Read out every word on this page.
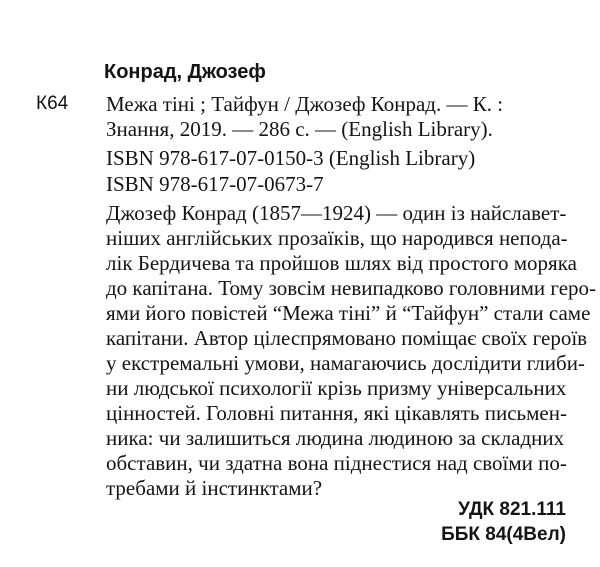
Конрад, Джозеф
К64 Межа тіні ; Тайфун / Джозеф Конрад. — К. :
Знання, 2019. — 286 с. — (English Library).
ISBN 978-617-07-0150-3 (English Library)
ISBN 978-617-07-0673-7
Джозеф Конрад (1857—1924) — один із найславет-
ніших англійських прозаїків, що народився непода-
лік Бердичева та пройшов шлях від простого моряка
до капітана. Тому зовсім невипадково головними геро-
ями його повістей “Межа тіні” й “Тайфун” стали саме
капітани. Автор цілеспрямовано поміщає своїх героїв
у екстремальні умови, намагаючись дослідити глиби-
ни людської психології крізь призму універсальних
цінностей. Головні питання, які цікавлять письмен-
ника: чи залишиться людина людиною за складних
обставин, чи здатна вона піднестися над своїми по-
требами й інстинктами?
УДК 821.111
ББК 84(4Вел)
